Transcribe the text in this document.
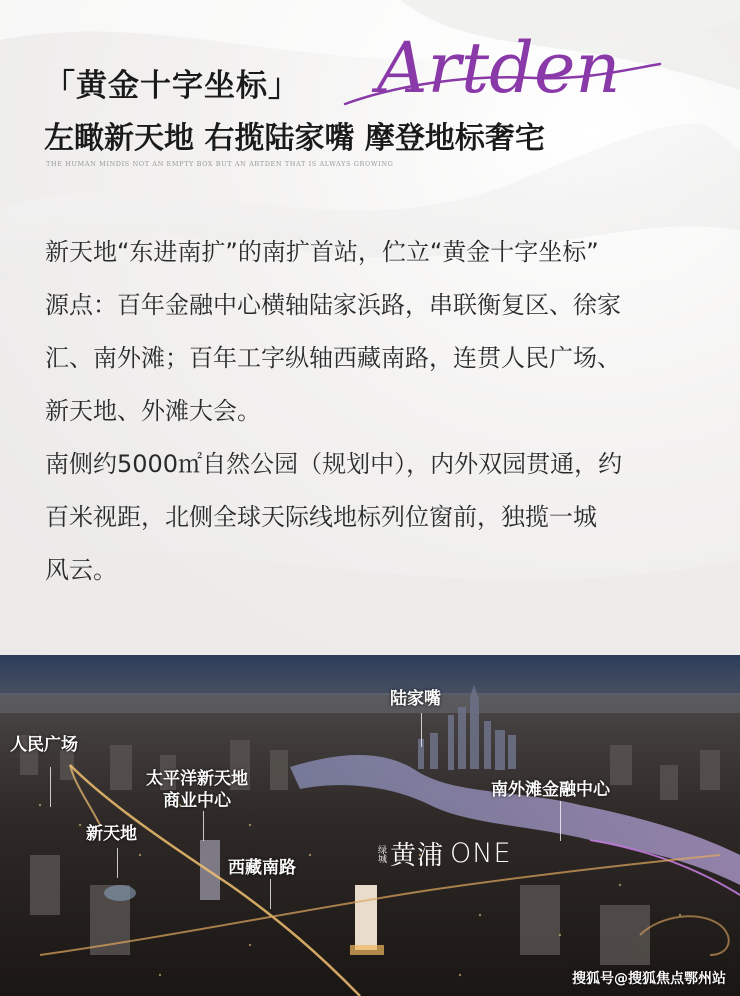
Artden
「黄金十字坐标」
左瞰新天地 右揽陆家嘴 摩登地标奢宅
THE HUMAN MINDIS NOT AN EMPTY BOX BUT AN ARTDEN THAT IS ALWAYS GROWING

新天地“东进南扩”的南扩首站，伫立“黄金十字坐标”

源点：百年金融中心横轴陆家浜路，串联衡复区、徐家

汇、南外滩；百年工字纵轴西藏南路，连贯人民广场、

新天地、外滩大会。

南侧约5000㎡自然公园（规划中），内外双园贯通，约

百米视距，北侧全球天际线地标列位窗前，独揽一城

风云。

陆家嘴
人民广场
太平洋新天地
商业中心
新天地
南外滩金融中心
西藏南路
绿城 黄浦 ONE
搜狐号@搜狐焦点鄂州站
